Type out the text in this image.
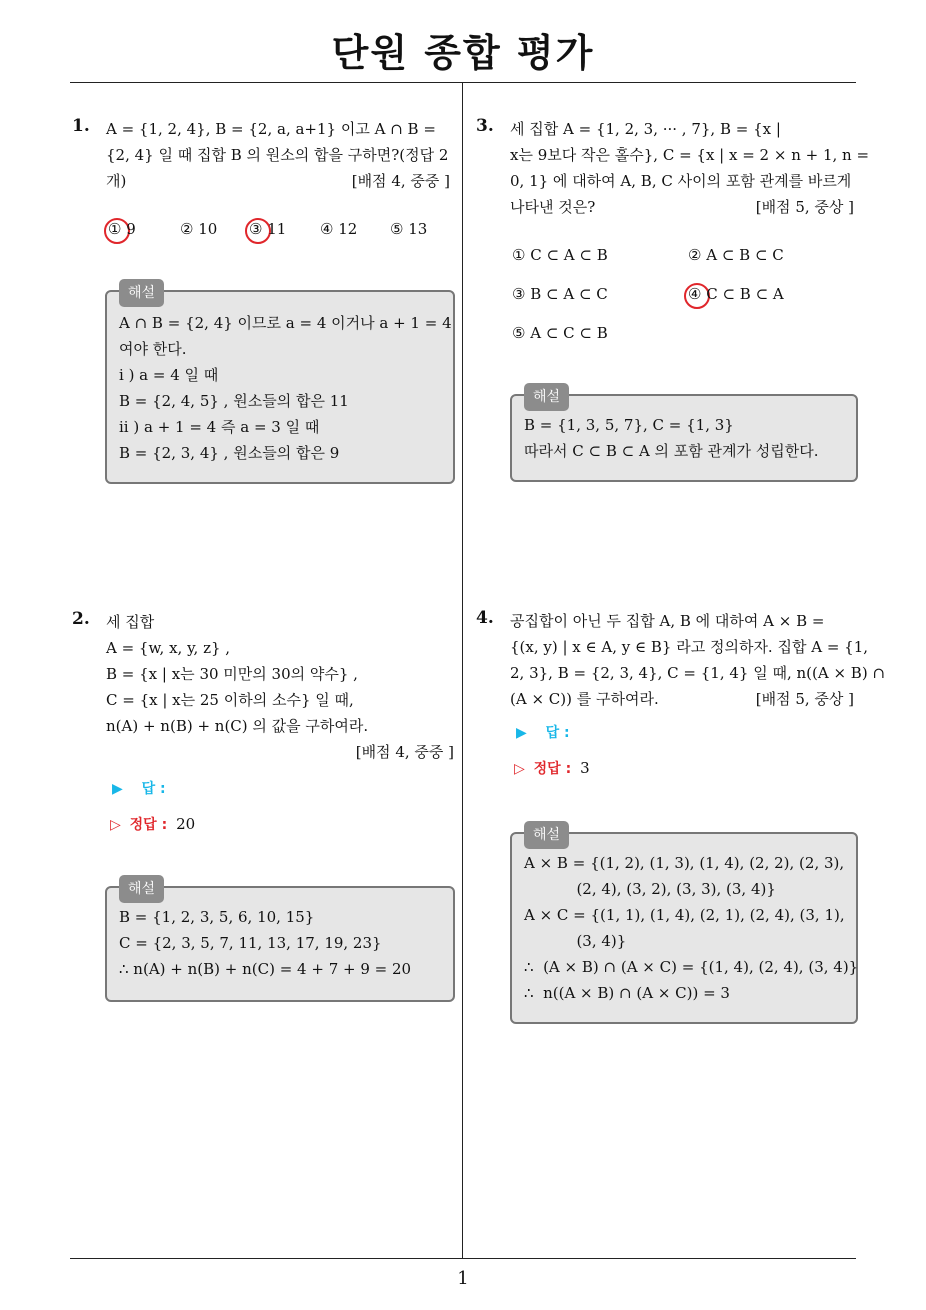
단원 종합 평가
1
1. A = {1, 2, 4}, B = {2, a, a+1} 이고 A ∩ B =
{2, 4} 일 때 집합 B 의 원소의 합을 구하면?(정답 2
개)	[배점 4, 중중 ]
① 9	② 10 ③ 11 ④ 12 ⑤ 13
해설
A ∩ B = {2, 4} 이므로 a = 4 이거나 a + 1 = 4
여야 한다.
i ) a = 4 일 때
B = {2, 4, 5} , 원소들의 합은 11
ii ) a + 1 = 4 즉 a = 3 일 때
B = {2, 3, 4} , 원소들의 합은 9
2. 세 집합
A = {w, x, y, z} ,
B = {x | x는 30 미만의 30의 약수} ,
C = {x | x는 25 이하의 소수} 일 때,
n(A) + n(B) + n(C) 의 값을 구하여라.
[배점 4, 중중 ]
▶ 답 :
▷ 정답 : 20
해설
B = {1, 2, 3, 5, 6, 10, 15}
C = {2, 3, 5, 7, 11, 13, 17, 19, 23}
∴ n(A) + n(B) + n(C) = 4 + 7 + 9 = 20
3. 세 집합 A = {1, 2, 3, ··· , 7}, B = {x |
x는 9보다 작은 홀수}, C = {x | x = 2 × n + 1, n =
0, 1} 에 대하여 A, B, C 사이의 포함 관계를 바르게
나타낸 것은?	[배점 5, 중상 ]
① C ⊂ A ⊂ B	② A ⊂ B ⊂ C
③ B ⊂ A ⊂ C	④ C ⊂ B ⊂ A
⑤ A ⊂ C ⊂ B
해설
B = {1, 3, 5, 7}, C = {1, 3}
따라서 C ⊂ B ⊂ A 의 포함 관계가 성립한다.
4. 공집합이 아닌 두 집합 A, B 에 대하여 A × B =
{(x, y) | x ∈ A, y ∈ B} 라고 정의하자. 집합 A = {1,
2, 3}, B = {2, 3, 4}, C = {1, 4} 일 때, n((A × B) ∩
(A × C)) 를 구하여라.	[배점 5, 중상 ]
▶ 답 :
▷ 정답 : 3
해설
A × B = {(1, 2), (1, 3), (1, 4), (2, 2), (2, 3),
(2, 4), (3, 2), (3, 3), (3, 4)}
A × C = {(1, 1), (1, 4), (2, 1), (2, 4), (3, 1),
(3, 4)}
∴  (A × B) ∩ (A × C) = {(1, 4), (2, 4), (3, 4)}
∴  n((A × B) ∩ (A × C)) = 3
